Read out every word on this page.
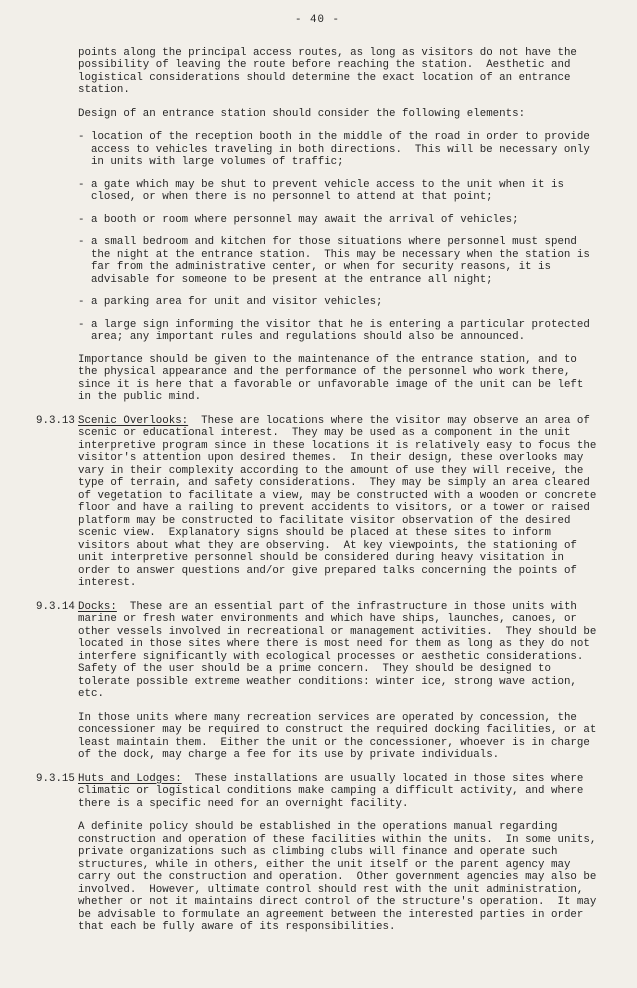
- 40 -

points along the principal access routes, as long as visitors do not have the possibility of leaving the route before reaching the station.  Aesthetic and logistical considerations should determine the exact location of an entrance station.

Design of an entrance station should consider the following elements:

- location of the reception booth in the middle of the road in order to provide access to vehicles traveling in both directions.  This will be necessary only in units with large volumes of traffic;

- a gate which may be shut to prevent vehicle access to the unit when it is closed, or when there is no personnel to attend at that point;

- a booth or room where personnel may await the arrival of vehicles;

- a small bedroom and kitchen for those situations where personnel must spend the night at the entrance station.  This may be necessary when the station is far from the administrative center, or when for security reasons, it is advisable for someone to be present at the entrance all night;

- a parking area for unit and visitor vehicles;

- a large sign informing the visitor that he is entering a particular protected area; any important rules and regulations should also be announced.

Importance should be given to the maintenance of the entrance station, and to the physical appearance and the performance of the personnel who work there, since it is here that a favorable or unfavorable image of the unit can be left in the public mind.

9.3.13 Scenic Overlooks:  These are locations where the visitor may observe an area of scenic or educational interest.  They may be used as a component in the unit interpretive program since in these locations it is relatively easy to focus the visitor's attention upon desired themes.  In their design, these overlooks may vary in their complexity according to the amount of use they will receive, the type of terrain, and safety considerations.  They may be simply an area cleared of vegetation to facilitate a view, may be constructed with a wooden or concrete floor and have a railing to prevent accidents to visitors, or a tower or raised platform may be constructed to facilitate visitor observation of the desired scenic view.  Explanatory signs should be placed at these sites to inform visitors about what they are observing.  At key viewpoints, the stationing of unit interpretive personnel should be considered during heavy visitation in order to answer questions and/or give prepared talks concerning the points of interest.

9.3.14 Docks:  These are an essential part of the infrastructure in those units with marine or fresh water environments and which have ships, launches, canoes, or other vessels involved in recreational or management activities.  They should be located in those sites where there is most need for them as long as they do not interfere significantly with ecological processes or aesthetic considerations.  Safety of the user should be a prime concern.  They should be designed to tolerate possible extreme weather conditions: winter ice, strong wave action, etc.

In those units where many recreation services are operated by concession, the concessioner may be required to construct the required docking facilities, or at least maintain them.  Either the unit or the concessioner, whoever is in charge of the dock, may charge a fee for its use by private individuals.

9.3.15 Huts and Lodges:  These installations are usually located in those sites where climatic or logistical conditions make camping a difficult activity, and where there is a specific need for an overnight facility.

A definite policy should be established in the operations manual regarding construction and operation of these facilities within the units.  In some units, private organizations such as climbing clubs will finance and operate such structures, while in others, either the unit itself or the parent agency may carry out the construction and operation.  Other government agencies may also be involved.  However, ultimate control should rest with the unit administration, whether or not it maintains direct control of the structure's operation.  It may be advisable to formulate an agreement between the interested parties in order that each be fully aware of its responsibilities.
